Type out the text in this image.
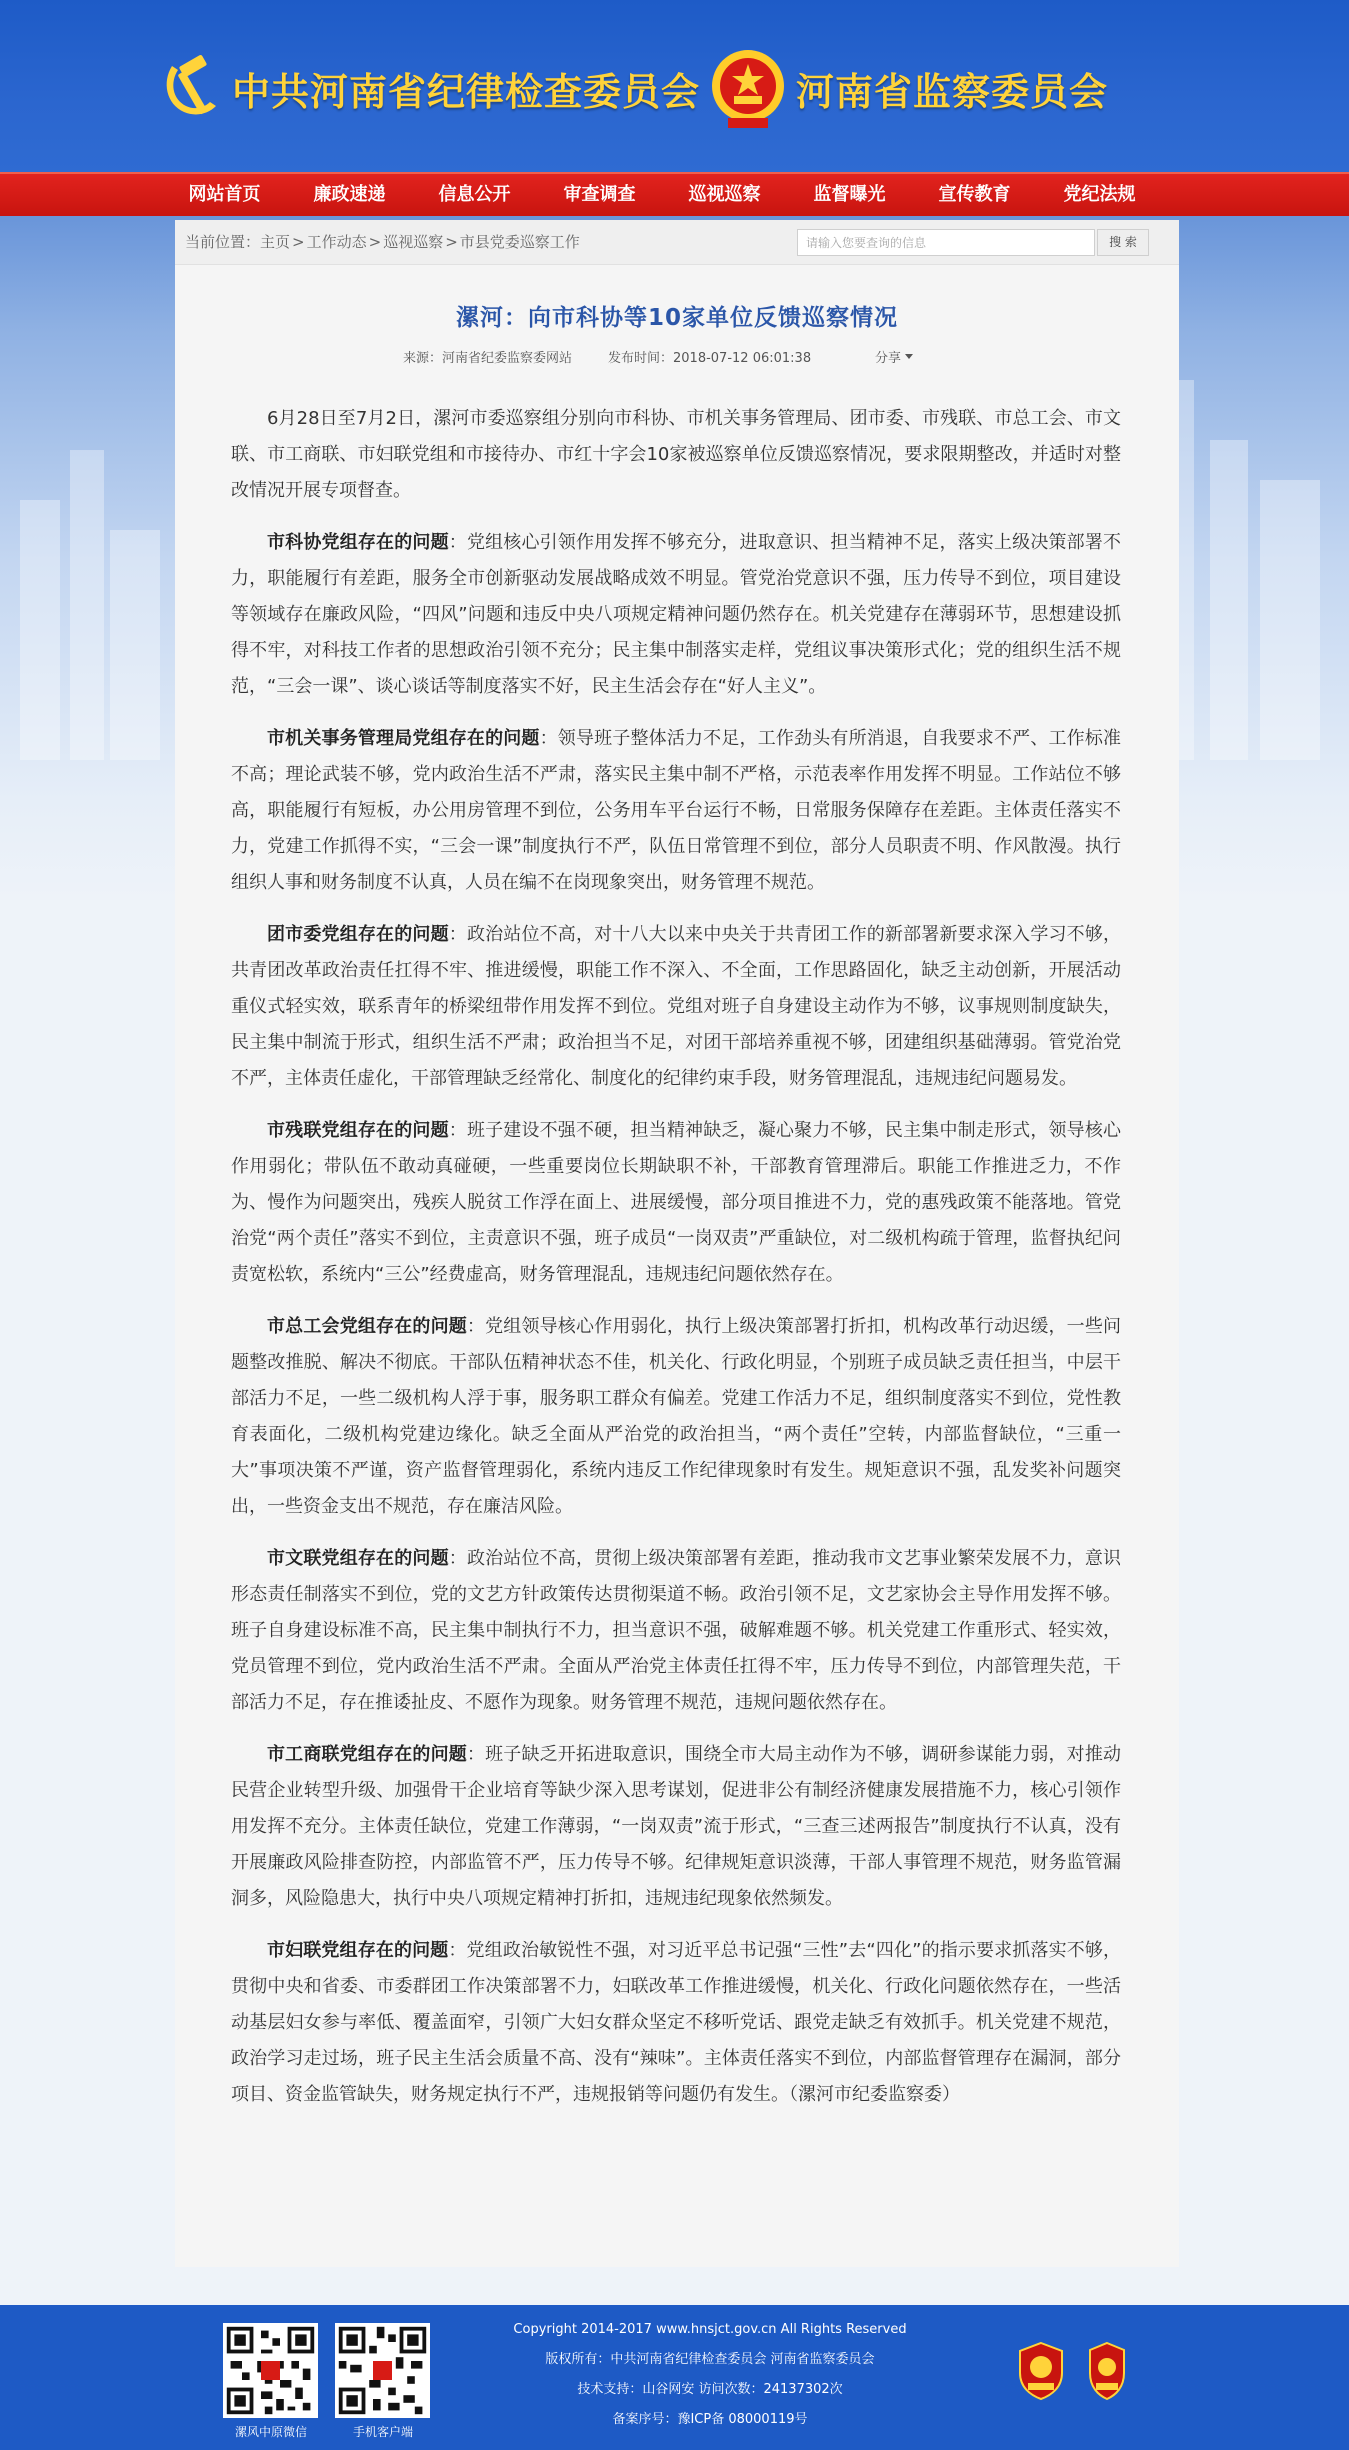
中共河南省纪律检查委员会	河南省监察委员会
网站首页	廉政速递	信息公开	审查调查	巡视巡察	监督曝光	宣传教育	党纪法规
当前位置： 主页 > 工作动态 > 巡视巡察 > 市县党委巡察工作
请输入您要查询的信息	搜 索
漯河：向市科协等10家单位反馈巡察情况
来源：河南省纪委监察委网站	发布时间：2018-07-12 06:01:38	分享

6月28日至7月2日，漯河市委巡察组分别向市科协、市机关事务管理局、团市委、市残联、市总工会、市文联、市工商联、市妇联党组和市接待办、市红十字会10家被巡察单位反馈巡察情况，要求限期整改，并适时对整改情况开展专项督查。

市科协党组存在的问题：党组核心引领作用发挥不够充分，进取意识、担当精神不足，落实上级决策部署不力，职能履行有差距，服务全市创新驱动发展战略成效不明显。管党治党意识不强，压力传导不到位，项目建设等领域存在廉政风险，“四风”问题和违反中央八项规定精神问题仍然存在。机关党建存在薄弱环节，思想建设抓得不牢，对科技工作者的思想政治引领不充分；民主集中制落实走样，党组议事决策形式化；党的组织生活不规范，“三会一课”、谈心谈话等制度落实不好，民主生活会存在“好人主义”。

市机关事务管理局党组存在的问题：领导班子整体活力不足，工作劲头有所消退，自我要求不严、工作标准不高；理论武装不够，党内政治生活不严肃，落实民主集中制不严格，示范表率作用发挥不明显。工作站位不够高，职能履行有短板，办公用房管理不到位，公务用车平台运行不畅，日常服务保障存在差距。主体责任落实不力，党建工作抓得不实，“三会一课”制度执行不严，队伍日常管理不到位，部分人员职责不明、作风散漫。执行组织人事和财务制度不认真，人员在编不在岗现象突出，财务管理不规范。

团市委党组存在的问题：政治站位不高，对十八大以来中央关于共青团工作的新部署新要求深入学习不够，共青团改革政治责任扛得不牢、推进缓慢，职能工作不深入、不全面，工作思路固化，缺乏主动创新，开展活动重仪式轻实效，联系青年的桥梁纽带作用发挥不到位。党组对班子自身建设主动作为不够，议事规则制度缺失，民主集中制流于形式，组织生活不严肃；政治担当不足，对团干部培养重视不够，团建组织基础薄弱。管党治党不严，主体责任虚化，干部管理缺乏经常化、制度化的纪律约束手段，财务管理混乱，违规违纪问题易发。

市残联党组存在的问题：班子建设不强不硬，担当精神缺乏，凝心聚力不够，民主集中制走形式，领导核心作用弱化；带队伍不敢动真碰硬，一些重要岗位长期缺职不补，干部教育管理滞后。职能工作推进乏力，不作为、慢作为问题突出，残疾人脱贫工作浮在面上、进展缓慢，部分项目推进不力，党的惠残政策不能落地。管党治党“两个责任”落实不到位，主责意识不强，班子成员“一岗双责”严重缺位，对二级机构疏于管理，监督执纪问责宽松软，系统内“三公”经费虚高，财务管理混乱，违规违纪问题依然存在。

市总工会党组存在的问题：党组领导核心作用弱化，执行上级决策部署打折扣，机构改革行动迟缓，一些问题整改推脱、解决不彻底。干部队伍精神状态不佳，机关化、行政化明显，个别班子成员缺乏责任担当，中层干部活力不足，一些二级机构人浮于事，服务职工群众有偏差。党建工作活力不足，组织制度落实不到位，党性教育表面化，二级机构党建边缘化。缺乏全面从严治党的政治担当，“两个责任”空转，内部监督缺位，“三重一大”事项决策不严谨，资产监督管理弱化，系统内违反工作纪律现象时有发生。规矩意识不强，乱发奖补问题突出，一些资金支出不规范，存在廉洁风险。

市文联党组存在的问题：政治站位不高，贯彻上级决策部署有差距，推动我市文艺事业繁荣发展不力，意识形态责任制落实不到位，党的文艺方针政策传达贯彻渠道不畅。政治引领不足，文艺家协会主导作用发挥不够。班子自身建设标准不高，民主集中制执行不力，担当意识不强，破解难题不够。机关党建工作重形式、轻实效，党员管理不到位，党内政治生活不严肃。全面从严治党主体责任扛得不牢，压力传导不到位，内部管理失范，干部活力不足，存在推诿扯皮、不愿作为现象。财务管理不规范，违规问题依然存在。

市工商联党组存在的问题：班子缺乏开拓进取意识，围绕全市大局主动作为不够，调研参谋能力弱，对推动民营企业转型升级、加强骨干企业培育等缺少深入思考谋划，促进非公有制经济健康发展措施不力，核心引领作用发挥不充分。主体责任缺位，党建工作薄弱，“一岗双责”流于形式，“三查三述两报告”制度执行不认真，没有开展廉政风险排查防控，内部监管不严，压力传导不够。纪律规矩意识淡薄，干部人事管理不规范，财务监管漏洞多，风险隐患大，执行中央八项规定精神打折扣，违规违纪现象依然频发。

市妇联党组存在的问题：党组政治敏锐性不强，对习近平总书记强“三性”去“四化”的指示要求抓落实不够，贯彻中央和省委、市委群团工作决策部署不力，妇联改革工作推进缓慢，机关化、行政化问题依然存在，一些活动基层妇女参与率低、覆盖面窄，引领广大妇女群众坚定不移听党话、跟党走缺乏有效抓手。机关党建不规范，政治学习走过场，班子民主生活会质量不高、没有“辣味”。主体责任落实不到位，内部监督管理存在漏洞，部分项目、资金监管缺失，财务规定执行不严，违规报销等问题仍有发生。（漯河市纪委监察委）

漯风中原微信	手机客户端
Copyright 2014-2017 www.hnsjct.gov.cn All Rights Reserved
版权所有：中共河南省纪律检查委员会 河南省监察委员会
技术支持：山谷网安 访问次数：24137302次
备案序号：豫ICP备 08000119号
